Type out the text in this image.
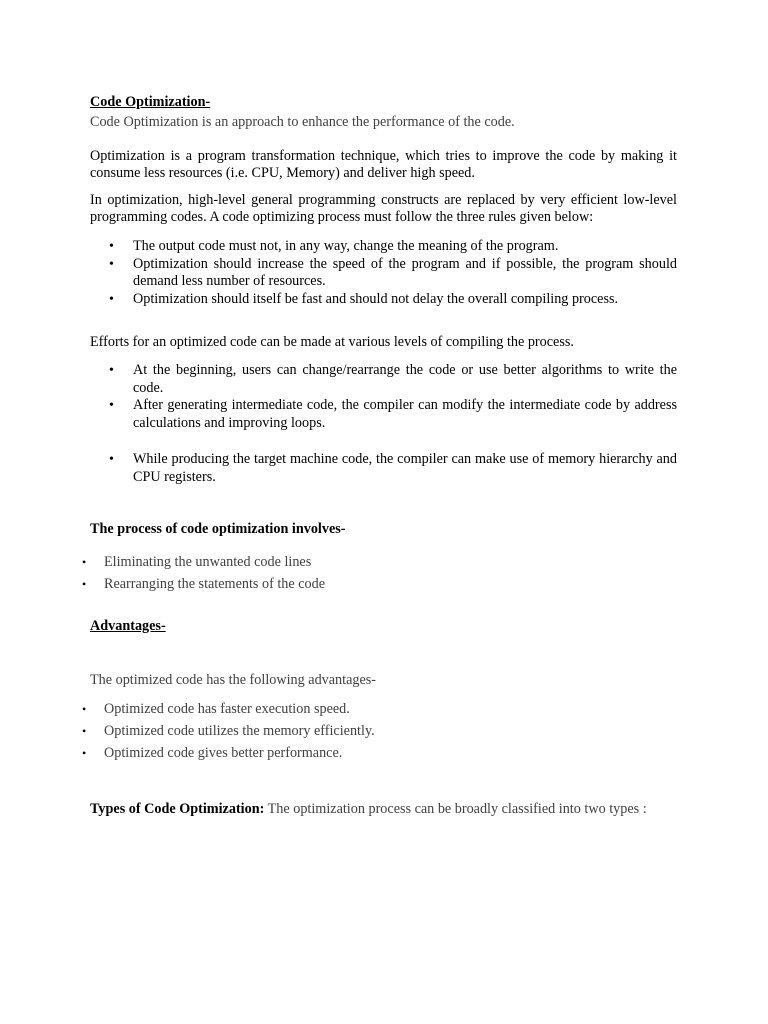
Code Optimization-

Code Optimization is an approach to enhance the performance of the code.

Optimization is a program transformation technique, which tries to improve the code by making it consume less resources (i.e. CPU, Memory) and deliver high speed.

In optimization, high-level general programming constructs are replaced by very efficient low-level programming codes. A code optimizing process must follow the three rules given below:

• The output code must not, in any way, change the meaning of the program.
• Optimization should increase the speed of the program and if possible, the program should demand less number of resources.
• Optimization should itself be fast and should not delay the overall compiling process.

Efforts for an optimized code can be made at various levels of compiling the process.

• At the beginning, users can change/rearrange the code or use better algorithms to write the code.
• After generating intermediate code, the compiler can modify the intermediate code by address calculations and improving loops.
• While producing the target machine code, the compiler can make use of memory hierarchy and CPU registers.

The process of code optimization involves-

• Eliminating the unwanted code lines
• Rearranging the statements of the code

Advantages-

The optimized code has the following advantages-

• Optimized code has faster execution speed.
• Optimized code utilizes the memory efficiently.
• Optimized code gives better performance.

Types of Code Optimization: The optimization process can be broadly classified into two types :
